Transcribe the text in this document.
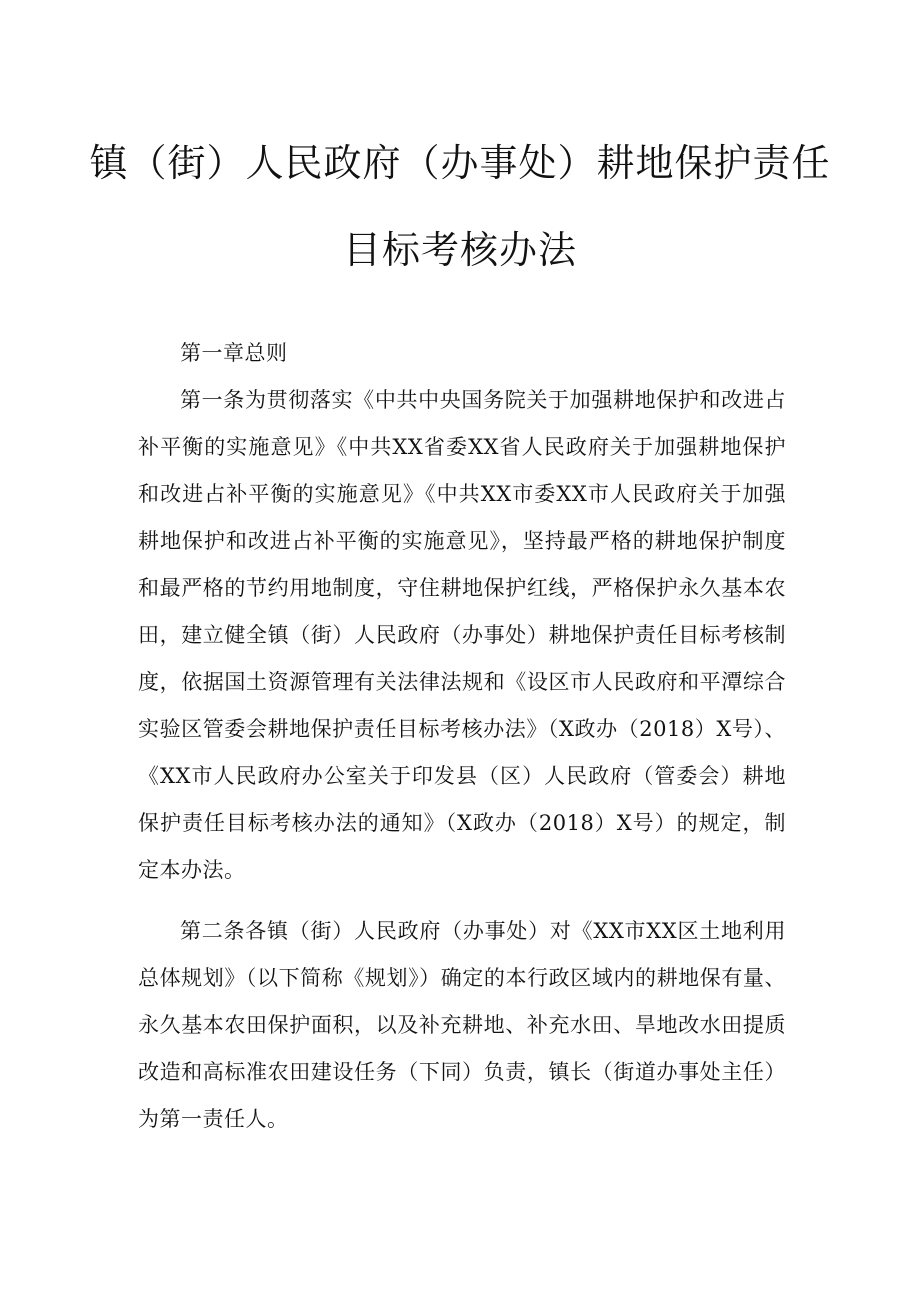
镇（街）人民政府（办事处）耕地保护责任
目标考核办法

第一章总则

第一条为贯彻落实《中共中央国务院关于加强耕地保护和改进占补平衡的实施意见》《中共XX省委XX省人民政府关于加强耕地保护和改进占补平衡的实施意见》《中共XX市委XX市人民政府关于加强耕地保护和改进占补平衡的实施意见》，坚持最严格的耕地保护制度和最严格的节约用地制度，守住耕地保护红线，严格保护永久基本农田，建立健全镇（街）人民政府（办事处）耕地保护责任目标考核制度，依据国土资源管理有关法律法规和《设区市人民政府和平潭综合实验区管委会耕地保护责任目标考核办法》（X政办（2018）X号）、《XX市人民政府办公室关于印发县（区）人民政府（管委会）耕地保护责任目标考核办法的通知》（X政办（2018）X号）的规定，制定本办法。

第二条各镇（街）人民政府（办事处）对《XX市XX区土地利用总体规划》（以下简称《规划》）确定的本行政区域内的耕地保有量、永久基本农田保护面积，以及补充耕地、补充水田、旱地改水田提质改造和高标准农田建设任务（下同）负责，镇长（街道办事处主任）为第一责任人。
